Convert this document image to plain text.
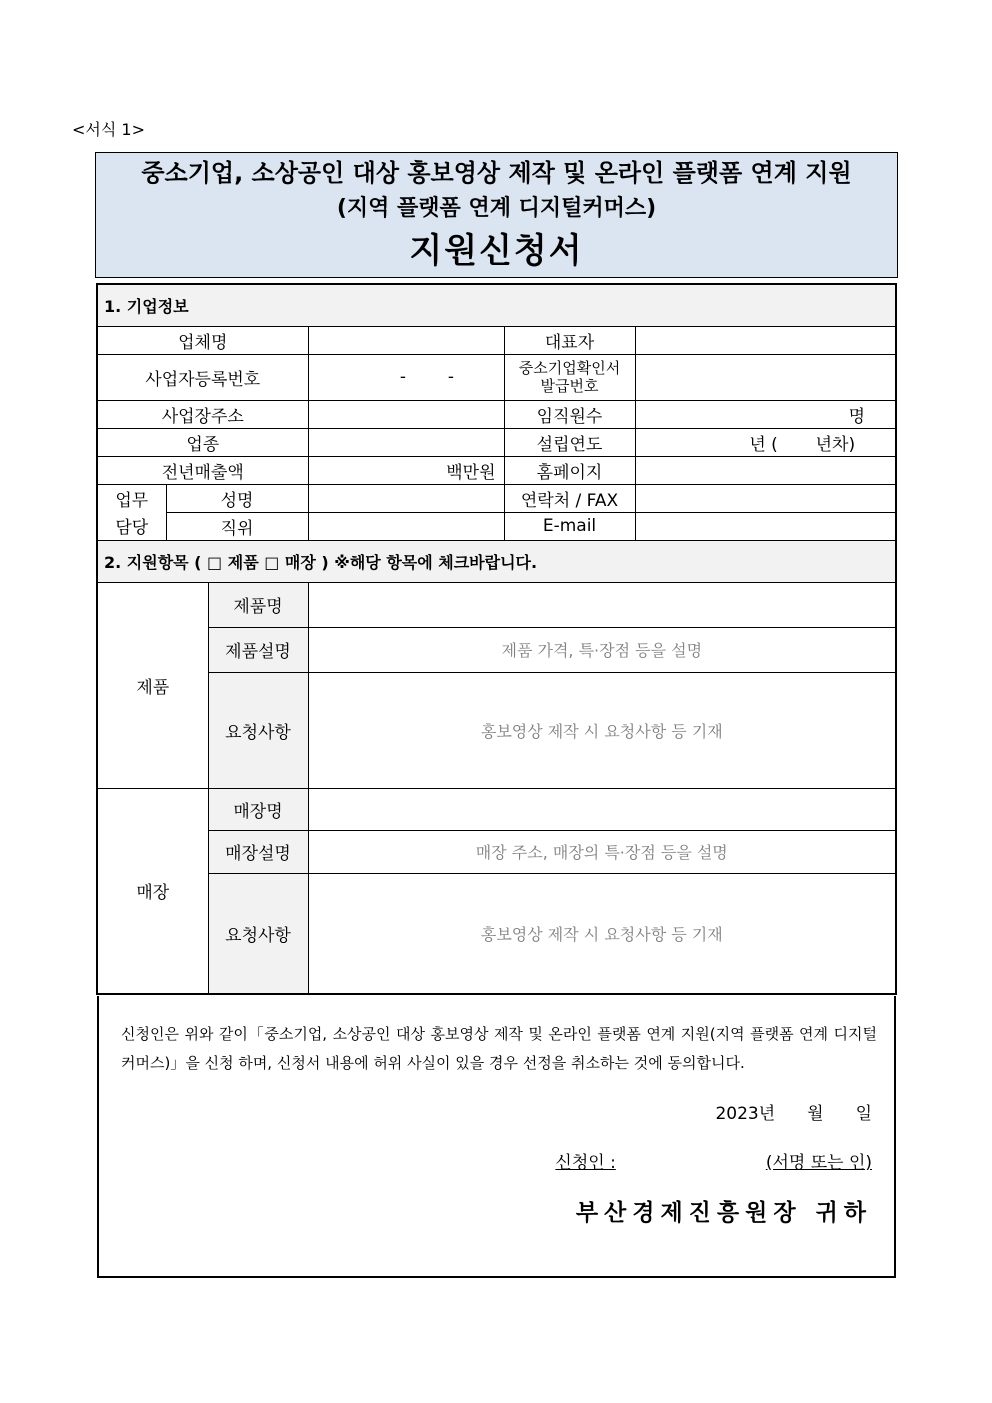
<서식 1>
중소기업, 소상공인 대상 홍보영상 제작 및 온라인 플랫폼 연계 지원
(지역 플랫폼 연계 디지털커머스)
지원신청서
1. 기업정보					
업체명				대표자	
사업자등록번호			- -	중소기업확인서
발급번호	
사업장주소				임직원수	명
업종				설립연도	년 (       년차)
전년매출액			백만원	홈페이지	
업무	성명			연락처 / FAX	
담당	직위			E-mail	
2. 지원항목 ( □ 제품 □ 매장 ) ※해당 항목에 체크바랍니다.					
제품		제품명			
		제품설명	제품 가격, 특·장점 등을 설명		
		요청사항	홍보영상 제작 시 요청사항 등 기재		
매장		매장명			
		매장설명	매장 주소, 매장의 특·장점 등을 설명		
		요청사항	홍보영상 제작 시 요청사항 등 기재		
신청인은 위와 같이「중소기업, 소상공인 대상 홍보영상 제작 및 온라인 플랫폼 연계 지원(지역 플랫폼 연계 디지털커머스)」을 신청 하며, 신청서 내용에 허위 사실이 있을 경우 선정을 취소하는 것에 동의합니다.
2023년 월 일
신청인 :	(서명 또는 인)
부산경제진흥원장 귀하
